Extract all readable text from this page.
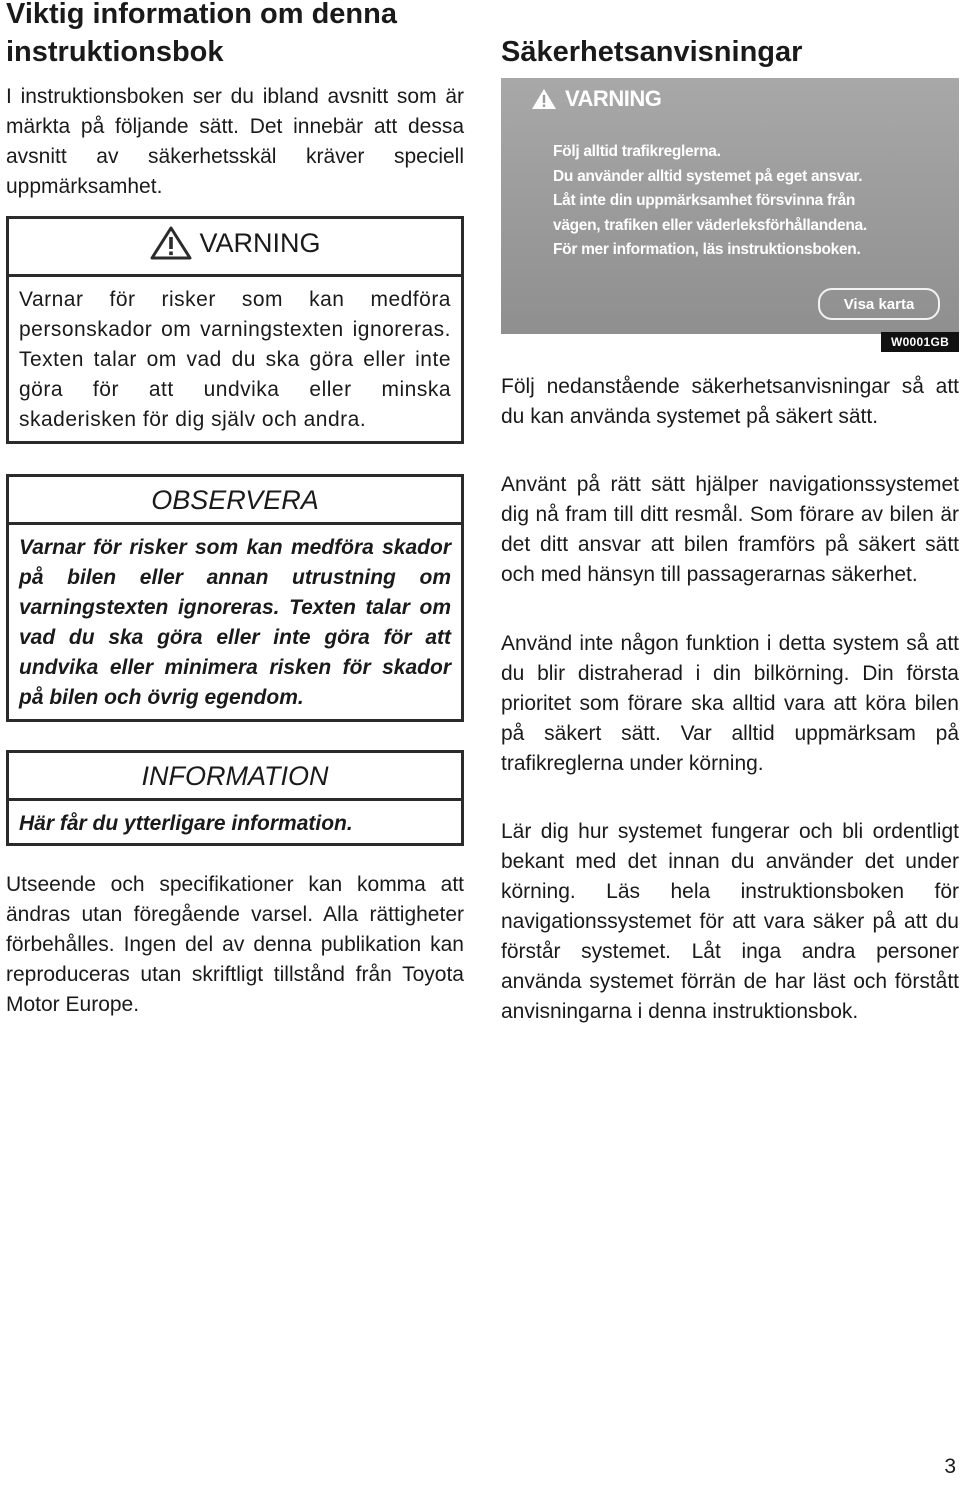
Viktig information om denna instruktionsbok

I instruktionsboken ser du ibland avsnitt som är märkta på följande sätt. Det innebär att dessa avsnitt av säkerhetsskäl kräver speciell uppmärksamhet.

VARNING
Varnar för risker som kan medföra personskador om varningstexten ignoreras. Texten talar om vad du ska göra eller inte göra för att undvika eller minska skaderisken för dig själv och andra.
OBSERVERA
Varnar för risker som kan medföra skador på bilen eller annan utrustning om varningstexten ignoreras. Texten talar om vad du ska göra eller inte göra för att undvika eller minimera risken för skador på bilen och övrig egendom.
INFORMATION
Här får du ytterligare information.

Utseende och specifikationer kan komma att ändras utan föregående varsel. Alla rättigheter förbehålles. Ingen del av denna publikation kan reproduceras utan skriftligt tillstånd från Toyota Motor Europe.

Säkerhetsanvisningar
VARNING
Följ alltid trafikreglerna.
Du använder alltid systemet på eget ansvar.
Låt inte din uppmärksamhet försvinna från
vägen, trafiken eller väderleksförhållandena.
För mer information, läs instruktionsboken.
Visa karta
W0001GB

Följ nedanstående säkerhetsanvisningar så att du kan använda systemet på säkert sätt.

Använt på rätt sätt hjälper navigationssystemet dig nå fram till ditt resmål. Som förare av bilen är det ditt ansvar att bilen framförs på säkert sätt och med hänsyn till passagerarnas säkerhet.

Använd inte någon funktion i detta system så att du blir distraherad i din bilkörning. Din första prioritet som förare ska alltid vara att köra bilen på säkert sätt. Var alltid uppmärksam på trafikreglerna under körning.

Lär dig hur systemet fungerar och bli ordentligt bekant med det innan du använder det under körning. Läs hela instruktionsboken för navigationssystemet för att vara säker på att du förstår systemet. Låt inga andra personer använda systemet förrän de har läst och förstått anvisningarna i denna instruktionsbok.

3
